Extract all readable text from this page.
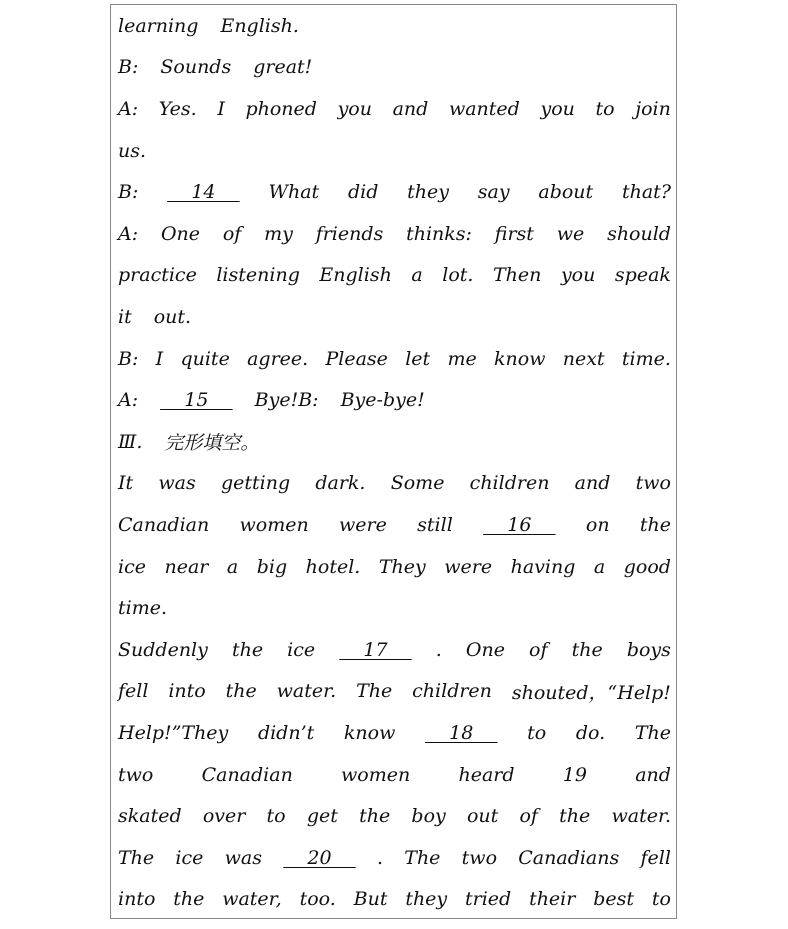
learning English.
B: Sounds great!
A: Yes. I phoned you and wanted you to join
us.
B: 14 What did they say about that?
A: One of my friends thinks: first we should
practice listening English a lot. Then you speak
it out.
B: I quite agree. Please let me know next time.
A: 15 Bye!B: Bye-bye!
Ⅲ. 完形填空。
It was getting dark. Some children and two
Canadian women were still 16 on the
ice near a big hotel. They were having a good
time.
Suddenly the ice 17 . One of the boys
fell into the water. The children shouted，“Help!
Help!”They didn’t know 18 to do. The
two	Canadian	women	heard	19	and
skated over to get the boy out of the water.
The ice was 20 . The two Canadians fell
into the water, too. But they tried their best to
